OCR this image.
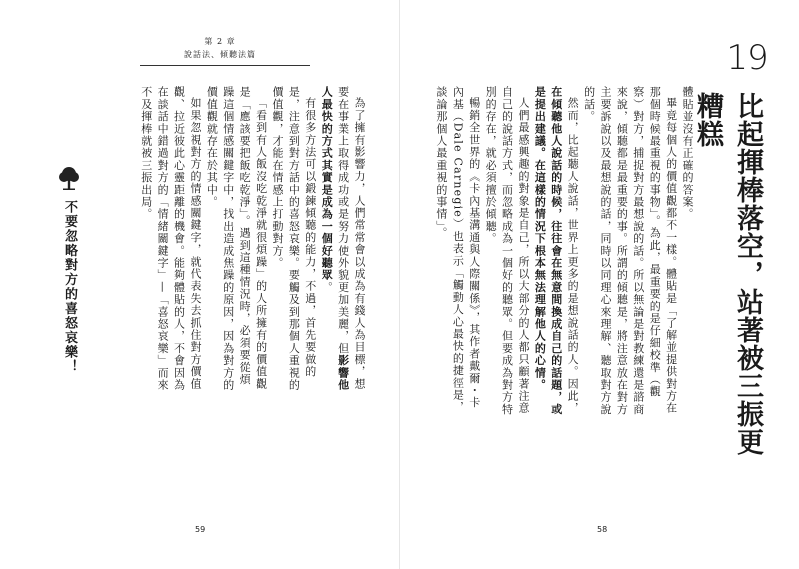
第 2 章
說話法、傾聽法篇

為了擁有影響力，人們常常會以成為有錢人為目標，想要在事業上取得成功或是努力使外貌更加美麗，但影響他人最快的方式其實是成為一個好聽眾。

有很多方法可以鍛鍊傾聽的能力，不過，首先要做的是，注意到對方話中的喜怒哀樂。要觸及到那個人重視的價值觀，才能在情感上打動對方。

「看到有人飯沒吃乾淨就很煩躁」的人所擁有的價值觀是「應該要把飯吃乾淨」。遇到這種情況時，必須要從煩躁這個情感關鍵字中，找出造成焦躁的原因，因為對方的價值觀就存在於其中。

如果忽視對方的情感關鍵字，就代表失去抓住對方價值觀、拉近彼此心靈距離的機會。能夠體貼的人，不會因為在談話中錯過對方的「情緒關鍵字」—「喜怒哀樂」而來不及揮棒就被三振出局。

不要忽略對方的喜怒哀樂！
59
19
比起揮棒落空，站著被三振更糟糕

體貼並沒有正確的答案。

畢竟每個人的價值觀都不一樣。體貼是「了解並提供對方在那個時候最重視的事物」。為此，最重要的是仔細校準（觀察）對方，捕捉對方最想說的話。所以無論是對教練還是諮商來說，傾聽都是最重要的事。所謂的傾聽是，將注意放在對方主要訴說以及最想說的話，同時以同理心來理解、聽取對方說的話。

然而，比起聽人說話，世界上更多的是想說話的人。因此，在傾聽他人說話的時候，往往會在無意間換成自己的話題，或是提出建議。在這樣的情況下根本無法理解他人的心情。

人們最感興趣的對象是自己，所以大部分的人都只顧著注意自己的說話方式，而忽略成為一個好的聽眾。但要成為對方特別的存在，就必須擅於傾聽。

暢銷全世界的《卡內基溝通與人際關係》，其作者戴爾・卡內基（Dale Carnegie）也表示「觸動人心最快的捷徑是，談論那個人最重視的事情」。

58
